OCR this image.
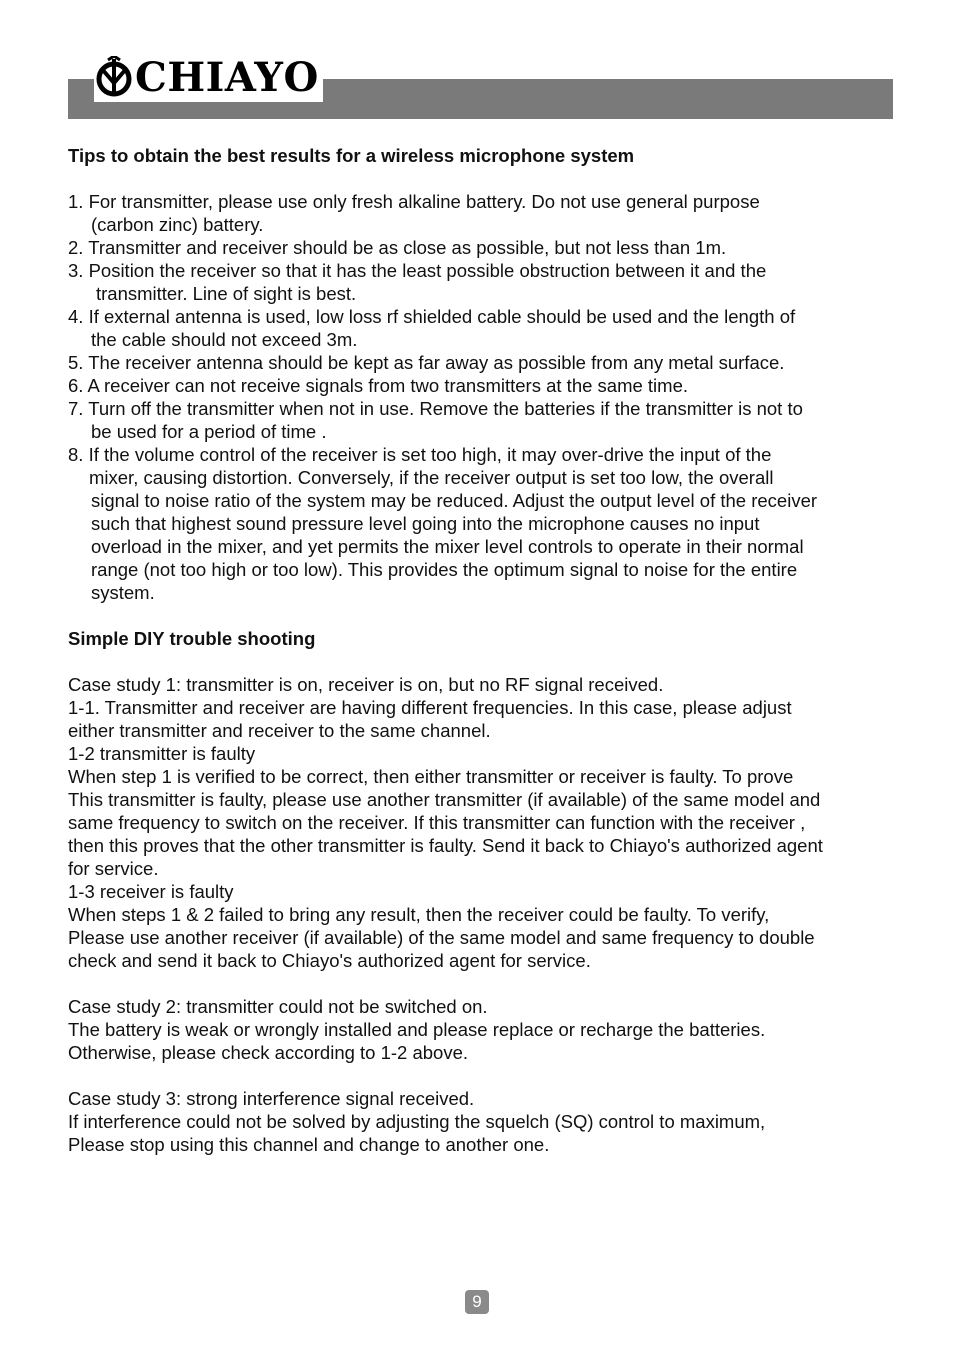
CHIAYO
Tips to obtain the best results for a wireless microphone system
1. For transmitter, please use only fresh alkaline battery. Do not use general purpose
(carbon zinc) battery.
2. Transmitter and receiver should be as close as possible, but not less than 1m.
3. Position the receiver so that it has the least possible obstruction between it and the
transmitter. Line of sight is best.
4. If external antenna is used, low loss rf shielded cable should be used and the length of
the cable should not exceed 3m.
5. The receiver antenna should be kept as far away as possible from any metal surface.
6. A receiver can not receive signals from two transmitters at the same time.
7. Turn off the transmitter when not in use. Remove the batteries if the transmitter is not to
be used for a period of time .
8. If the volume control of the receiver is set too high, it may over-drive the input of the
mixer, causing distortion. Conversely, if the receiver output is set too low, the overall
signal to noise ratio of the system may be reduced. Adjust the output level of the receiver
such that highest sound pressure level going into the microphone causes no input
overload in the mixer, and yet permits the mixer level controls to operate in their normal
range (not too high or too low). This provides the optimum signal to noise for the entire
system.
Simple DIY trouble shooting
Case study 1: transmitter is on, receiver is on, but no RF signal received.
1-1. Transmitter and receiver are having different frequencies. In this case, please adjust
either transmitter and receiver to the same channel.
1-2 transmitter is faulty
When step 1 is verified to be correct, then either transmitter or receiver is faulty. To prove
This transmitter is faulty, please use another transmitter (if available) of the same model and
same frequency to switch on the receiver. If this transmitter can function with the receiver ,
then this proves that the other transmitter is faulty. Send it back to Chiayo's authorized agent
for service.
1-3 receiver is faulty
When steps 1 & 2 failed to bring any result, then the receiver could be faulty. To verify,
Please use another receiver (if available) of the same model and same frequency to double
check and send it back to Chiayo's authorized agent for service.
Case study 2: transmitter could not be switched on.
The battery is weak or wrongly installed and please replace or recharge the batteries.
Otherwise, please check according to 1-2 above.
Case study 3: strong interference signal received.
If interference could not be solved by adjusting the squelch (SQ) control to maximum,
Please stop using this channel and change to another one.
9
